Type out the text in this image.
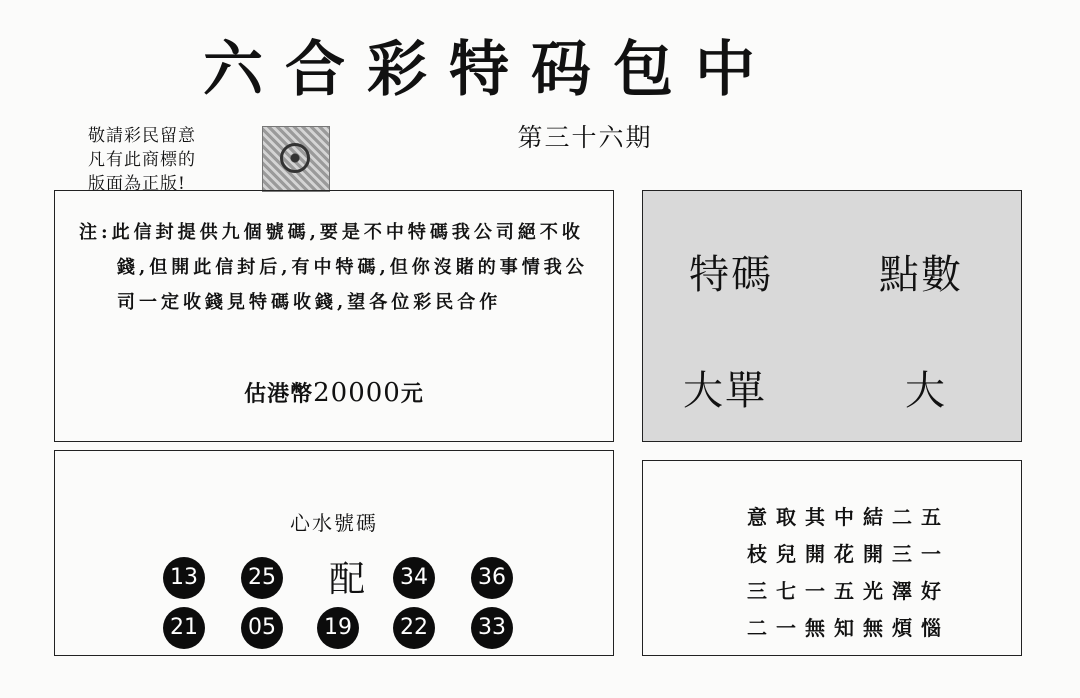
六合彩特码包中
敬請彩民留意
凡有此商標的
版面為正版!
第三十六期
注:此信封提供九個號碼,要是不中特碼我公司絕不收錢,但開此信封后,有中特碼,但你沒賭的事情我公司一定收錢見特碼收錢,望各位彩民合作
估港幣20000元
特碼	點數
大單	大
心水號碼
13	25	配	34	36
21	05	19	22	33
意取其中結二五
枝兒開花開三一
三七一五光澤好
二一無知無煩惱
